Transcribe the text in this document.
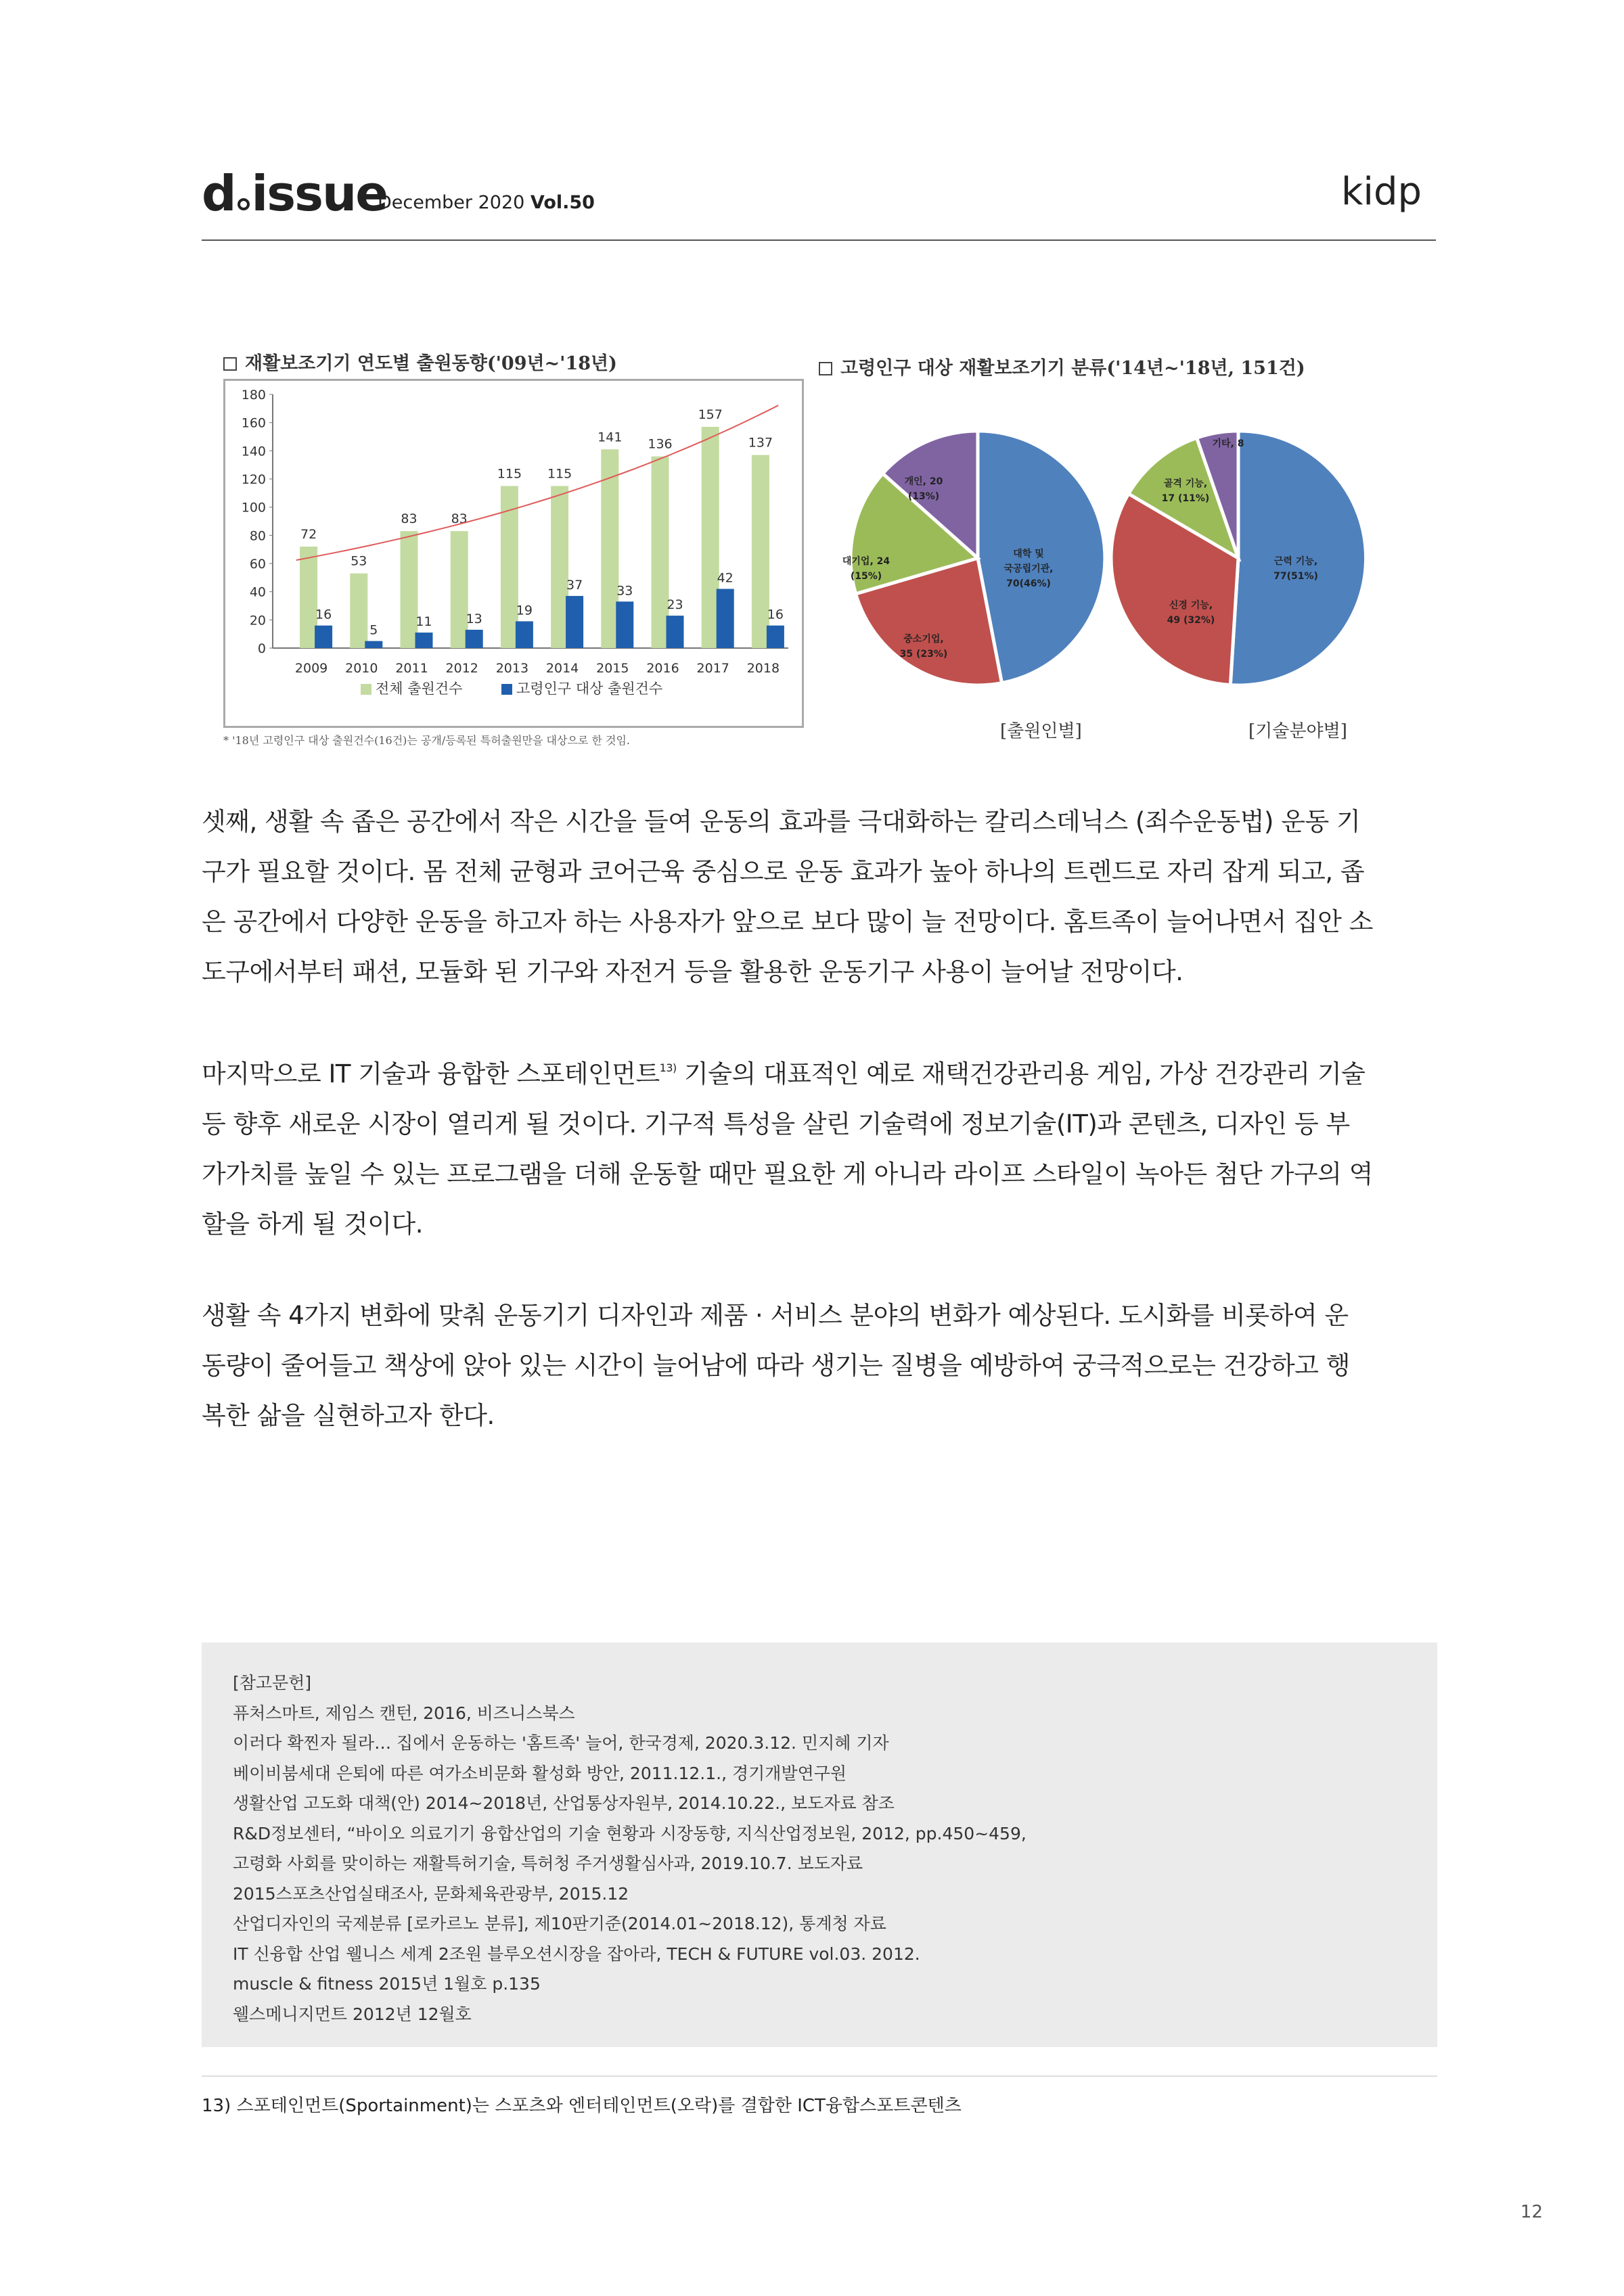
d issue
December 2020 Vol.50	kidp
재활보조기기 연도별 출원동향('09년~'18년)
0
20
40
60
80
100
120
140
160
180
72
16
2009
53
5
2010
83
11
2011
83
13
2012
115
19
2013
115
37
2014
141
33
2015
136
23
2016
157
42
2017
137
16
2018
전체 출원건수	고령인구 대상 출원건수
* '18년 고령인구 대상 출원건수(16건)는 공개/등록된 특허출원만을 대상으로 한 것임.
고령인구 대상 재활보조기기 분류('14년~'18년, 151건)
대학 및
국공립기관,
70(46%)
중소기업,
35 (23%)
대기업, 24
(15%)
개인, 20
(13%)
근력 기능,
77(51%)
신경 기능,
49 (32%)
골격 기능,
17 (11%)
기타, 8
[출원인별]	[기술분야별]
셋째, 생활 속 좁은 공간에서 작은 시간을 들여 운동의 효과를 극대화하는 칼리스데닉스 (죄수운동법) 운동 기
구가 필요할 것이다. 몸 전체 균형과 코어근육 중심으로 운동 효과가 높아 하나의 트렌드로 자리 잡게 되고, 좁
은 공간에서 다양한 운동을 하고자 하는 사용자가 앞으로 보다 많이 늘 전망이다. 홈트족이 늘어나면서 집안 소
도구에서부터 패션, 모듈화 된 기구와 자전거 등을 활용한 운동기구 사용이 늘어날 전망이다.
마지막으로 IT 기술과 융합한 스포테인먼트$^{13)}$ 기술의 대표적인 예로 재택건강관리용 게임, 가상 건강관리 기술
등 향후 새로운 시장이 열리게 될 것이다. 기구적 특성을 살린 기술력에 정보기술(IT)과 콘텐츠, 디자인 등 부
가가치를 높일 수 있는 프로그램을 더해 운동할 때만 필요한 게 아니라 라이프 스타일이 녹아든 첨단 가구의 역
할을 하게 될 것이다.
생활 속 4가지 변화에 맞춰 운동기기 디자인과 제품 · 서비스 분야의 변화가 예상된다. 도시화를 비롯하여 운
동량이 줄어들고 책상에 앉아 있는 시간이 늘어남에 따라 생기는 질병을 예방하여 궁극적으로는 건강하고 행
복한 삶을 실현하고자 한다.
[참고문헌]
퓨처스마트, 제임스 캔턴, 2016, 비즈니스북스
이러다 확찐자 될라… 집에서 운동하는 '홈트족' 늘어, 한국경제, 2020.3.12. 민지혜 기자
베이비붐세대 은퇴에 따른 여가소비문화 활성화 방안, 2011.12.1., 경기개발연구원
생활산업 고도화 대책(안) 2014~2018년, 산업통상자원부, 2014.10.22., 보도자료 참조
R&D정보센터, “바이오 의료기기 융합산업의 기술 현황과 시장동향, 지식산업정보원, 2012, pp.450~459,
고령화 사회를 맞이하는 재활특허기술, 특허청 주거생활심사과, 2019.10.7. 보도자료
2015스포츠산업실태조사, 문화체육관광부, 2015.12
산업디자인의 국제분류 [로카르노 분류], 제10판기준(2014.01~2018.12), 통계청 자료
IT 신융합 산업 웰니스 세계 2조원 블루오션시장을 잡아라, TECH & FUTURE vol.03. 2012.
muscle & fitness 2015년 1월호 p.135
웰스메니지먼트 2012년 12월호
13) 스포테인먼트(Sportainment)는 스포츠와 엔터테인먼트(오락)를 결합한 ICT융합스포트콘텐츠
12
